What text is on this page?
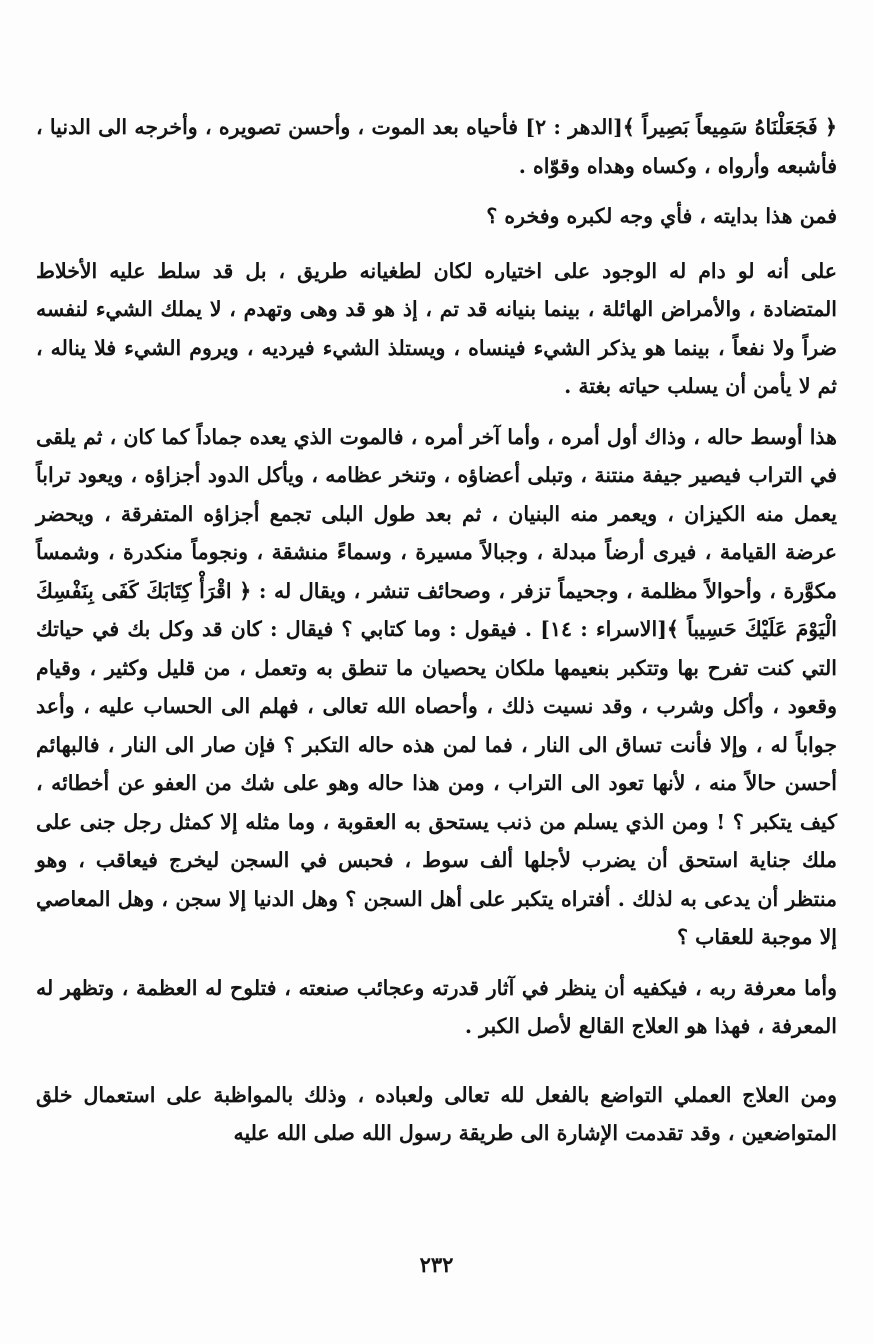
﴿ فَجَعَلْنَاهُ سَمِيعاً بَصِيراً ﴾[الدهر : ٢] فأحياه بعد الموت ، وأحسن تصويره ، وأخرجه الى الدنيا ، فأشبعه وأرواه ، وكساه وهداه وقوّاه .

فمن هذا بدايته ، فأي وجه لكبره وفخره ؟

على أنه لو دام له الوجود على اختياره لكان لطغيانه طريق ، بل قد سلط عليه الأخلاط المتضادة ، والأمراض الهائلة ، بينما بنيانه قد تم ، إذ هو قد وهى وتهدم ، لا يملك الشيء لنفسه ضراً ولا نفعاً ، بينما هو يذكر الشيء فينساه ، ويستلذ الشيء فيرديه ، ويروم الشيء فلا يناله ، ثم لا يأمن أن يسلب حياته بغتة .

هذا أوسط حاله ، وذاك أول أمره ، وأما آخر أمره ، فالموت الذي يعده جماداً كما كان ، ثم يلقى في التراب فيصير جيفة منتنة ، وتبلى أعضاؤه ، وتنخر عظامه ، ويأكل الدود أجزاؤه ، ويعود تراباً يعمل منه الكيزان ، ويعمر منه البنيان ، ثم بعد طول البلى تجمع أجزاؤه المتفرقة ، ويحضر عرضة القيامة ، فيرى أرضاً مبدلة ، وجبالاً مسيرة ، وسماءً منشقة ، ونجوماً منكدرة ، وشمساً مكوَّرة ، وأحوالاً مظلمة ، وجحيماً تزفر ، وصحائف تنشر ، ويقال له : ﴿ اقْرَأْ كِتَابَكَ كَفَى بِنَفْسِكَ الْيَوْمَ عَلَيْكَ حَسِيباً ﴾[الاسراء : ١٤] . فيقول : وما كتابي ؟ فيقال : كان قد وكل بك في حياتك التي كنت تفرح بها وتتكبر بنعيمها ملكان يحصيان ما تنطق به وتعمل ، من قليل وكثير ، وقيام وقعود ، وأكل وشرب ، وقد نسيت ذلك ، وأحصاه الله تعالى ، فهلم الى الحساب عليه ، وأعد جواباً له ، وإلا فأنت تساق الى النار ، فما لمن هذه حاله التكبر ؟ فإن صار الى النار ، فالبهائم أحسن حالاً منه ، لأنها تعود الى التراب ، ومن هذا حاله وهو على شك من العفو عن أخطائه ، كيف يتكبر ؟ ! ومن الذي يسلم من ذنب يستحق به العقوبة ، وما مثله إلا كمثل رجل جنى على ملك جناية استحق أن يضرب لأجلها ألف سوط ، فحبس في السجن ليخرج فيعاقب ، وهو منتظر أن يدعى به لذلك . أفتراه يتكبر على أهل السجن ؟ وهل الدنيا إلا سجن ، وهل المعاصي إلا موجبة للعقاب ؟

وأما معرفة ربه ، فيكفيه أن ينظر في آثار قدرته وعجائب صنعته ، فتلوح له العظمة ، وتظهر له المعرفة ، فهذا هو العلاج القالع لأصل الكبر .

ومن العلاج العملي التواضع بالفعل لله تعالى ولعباده ، وذلك بالمواظبة على استعمال خلق المتواضعين ، وقد تقدمت الإشارة الى طريقة رسول الله صلى الله عليه

٢٣٢
